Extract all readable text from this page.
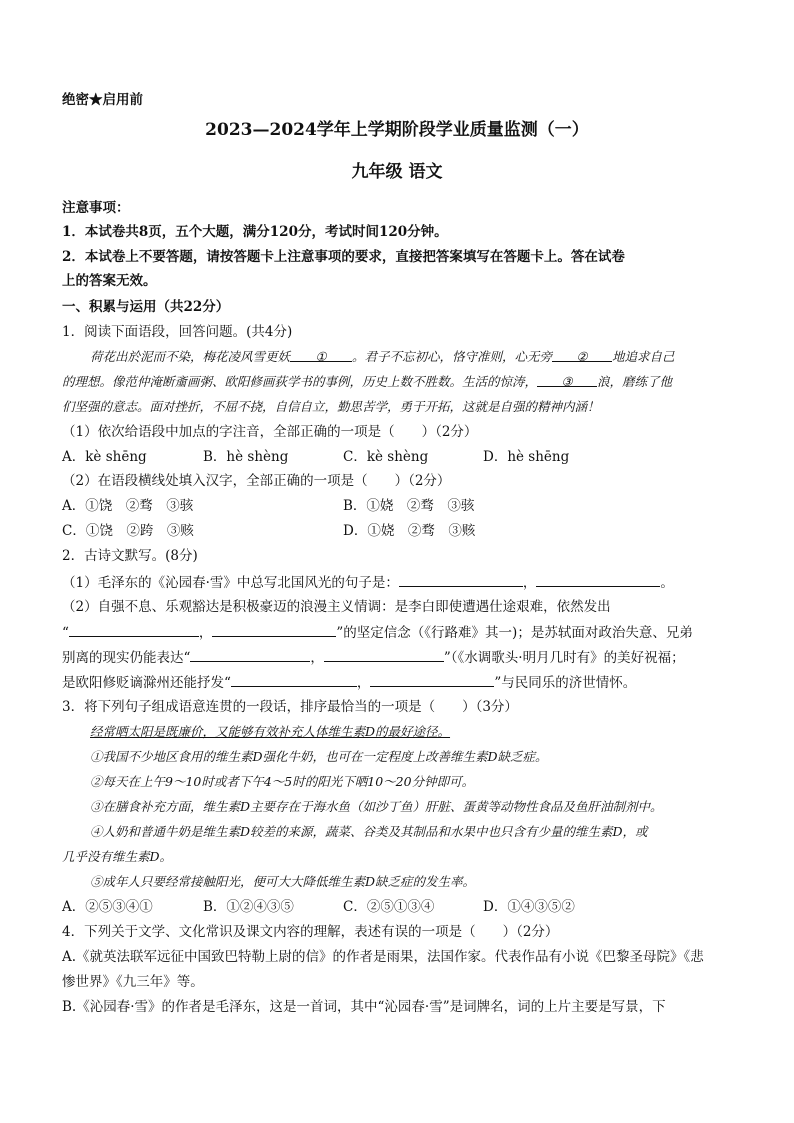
绝密★启用前
2023—2024学年上学期阶段学业质量监测（一）
九年级 语文
注意事项：
1．本试卷共8页，五个大题，满分120分，考试时间120分钟。
2．本试卷上不要答题，请按答题卡上注意事项的要求，直接把答案填写在答题卡上。答在试卷
上的答案无效。
一、积累与运用（共22分）
1．阅读下面语段，回答问题。(共4分)
荷花出於泥而不染，梅花凌风雪更妖 ① 。君子不忘初心，恪守准则，心无旁 ② 地追求自己
的理想。像范仲淹断齑画粥、欧阳修画荻学书的事例，历史上数不胜数。生活的惊涛， ③ 浪，磨练了他
们坚强的意志。面对挫折，不屈不挠，自信自立，勤思苦学，勇于开拓，这就是自强的精神内涵！
（1）依次给语段中加点的字注音，全部正确的一项是（　　）（2分）
A．kè shēng	B．hè shèng	C．kè shèng	D．hè shēng
（2）在语段横线处填入汉字，全部正确的一项是（　　）（2分）
A．①饶　②骛　③骇	B．①娆　②骛　③骇
C．①饶　②跨　③赅	D．①娆　②骛　③赅
2．古诗文默写。(8分)
（1）毛泽东的《沁园春·雪》中总写北国风光的句子是：	，	。
（2）自强不息、乐观豁达是积极豪迈的浪漫主义情调：是李白即使遭遇仕途艰难，依然发出
“	，	”的坚定信念（《行路难》其一)；是苏轼面对政治失意、兄弟
别离的现实仍能表达“	，	”（《水调歌头·明月几时有》的美好祝福；
是欧阳修贬谪滁州还能抒发“	，	”与民同乐的济世情怀。
3．将下列句子组成语意连贯的一段话，排序最恰当的一项是（　　）（3分）
经常晒太阳是既廉价，又能够有效补充人体维生素D的最好途径。
①我国不少地区食用的维生素D强化牛奶，也可在一定程度上改善维生素D缺乏症。
②每天在上午9～10时或者下午4～5时的阳光下晒10～20分钟即可。
③在膳食补充方面，维生素D主要存在于海水鱼（如沙丁鱼）肝脏、蛋黄等动物性食品及鱼肝油制剂中。
④人奶和普通牛奶是维生素D较差的来源，蔬菜、谷类及其制品和水果中也只含有少量的维生素D，或
几乎没有维生素D。
⑤成年人只要经常接触阳光，便可大大降低维生素D缺乏症的发生率。
A．②⑤③④①	B．①②④③⑤	C．②⑤①③④	D．①④③⑤②
4．下列关于文学、文化常识及课文内容的理解，表述有误的一项是（　　）（2分）
A.《就英法联军远征中国致巴特勒上尉的信》的作者是雨果，法国作家。代表作品有小说《巴黎圣母院》《悲
惨世界》《九三年》等。
B.《沁园春·雪》的作者是毛泽东，这是一首词，其中“沁园春·雪”是词牌名，词的上片主要是写景，下
